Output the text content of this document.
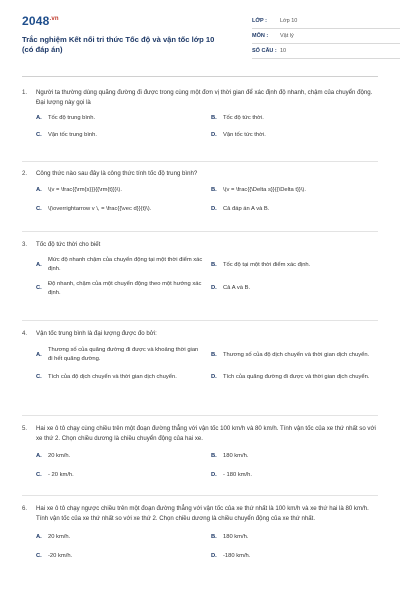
$2048^{.vn}$
Trắc nghiệm Kết nối tri thức Tốc độ và vận tốc lớp 10 (có đáp án)
LỚP :	Lớp 10
MÔN :	Vật lý
SỐ CÂU : 10
1.	Người ta thường dùng quãng đường đi được trong cùng một đơn vị thời gian để xác định độ nhanh, chậm của chuyển động. Đại lượng này gọi là
A.	Tốc độ trung bình.	B.	Tốc độ tức thời.
C.	Vận tốc trung bình.	D.	Vận tốc tức thời.
2.	Công thức nào sau đây là công thức tính tốc độ trung bình?
A.	\(v = \frac{{\rm{s}}}{{\rm{t}}}\).	B.	\(v = \frac{{\Delta s}}{{\Delta t}}\).
C.	\(\overrightarrow v \, = \frac{{\vec d}}{t}\).	D.	Cả đáp án A và B.
3.	Tốc độ tức thời cho biết
A.
Mức độ nhanh chậm của chuyển động tại một thời điểm xác định.
B.	Tốc độ tại một thời điểm xác định.
C.
Độ nhanh, chậm của một chuyển động theo một hướng xác định.
D.	Cả A và B.
4.	Vận tốc trung bình là đại lượng được đo bởi:
A.
Thương số của quãng đường đi được và khoảng thời gian đi hết quãng đường.
B.	Thương số của độ dịch chuyển và thời gian dịch chuyển.
C.	Tích của độ dịch chuyển và thời gian dịch chuyển.	D.	Tích của quãng đường đi được và thời gian dịch chuyển.
5.	Hai xe ô tô chạy cùng chiều trên một đoạn đường thẳng với vận tốc 100 km/h và 80 km/h. Tính vận tốc của xe thứ nhất so với xe thứ 2. Chọn chiều dương là chiều chuyển động của hai xe.
A.	20 km/h.	B.	180 km/h.
C.	- 20 km/h.	D.	- 180 km/h.
6.	Hai xe ô tô chạy ngược chiều trên một đoạn đường thẳng với vận tốc của xe thứ nhất là 100 km/h và xe thứ hai là 80 km/h. Tính vận tốc của xe thứ nhất so với xe thứ 2. Chọn chiều dương là chiều chuyển động của xe thứ nhất.
A.	20 km/h.	B.	180 km/h.
C.	-20 km/h.	D.	-180 km/h.
